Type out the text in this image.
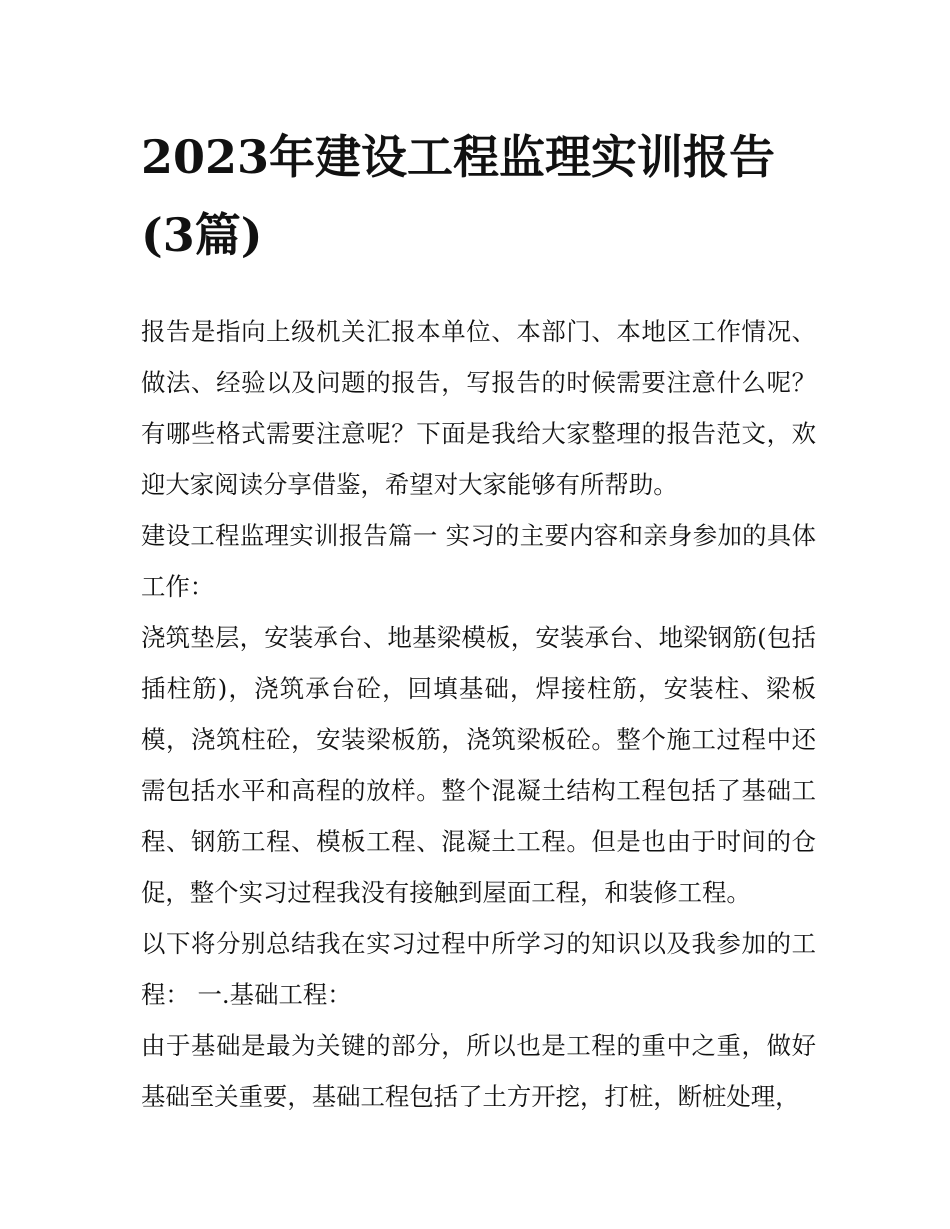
2023年建设工程监理实训报告(3篇)

报告是指向上级机关汇报本单位、本部门、本地区工作情况、做法、经验以及问题的报告，写报告的时候需要注意什么呢？有哪些格式需要注意呢？下面是我给大家整理的报告范文，欢迎大家阅读分享借鉴，希望对大家能够有所帮助。

建设工程监理实训报告篇一 实习的主要内容和亲身参加的具体工作：

浇筑垫层，安装承台、地基梁模板，安装承台、地梁钢筋(包括插柱筋)，浇筑承台砼，回填基础，焊接柱筋，安装柱、梁板模，浇筑柱砼，安装梁板筋，浇筑梁板砼。整个施工过程中还需包括水平和高程的放样。整个混凝土结构工程包括了基础工程、钢筋工程、模板工程、混凝土工程。但是也由于时间的仓促，整个实习过程我没有接触到屋面工程，和装修工程。

以下将分别总结我在实习过程中所学习的知识以及我参加的工程： 一.基础工程：

由于基础是最为关键的部分，所以也是工程的重中之重，做好基础至关重要，基础工程包括了土方开挖，打桩，断桩处理，
